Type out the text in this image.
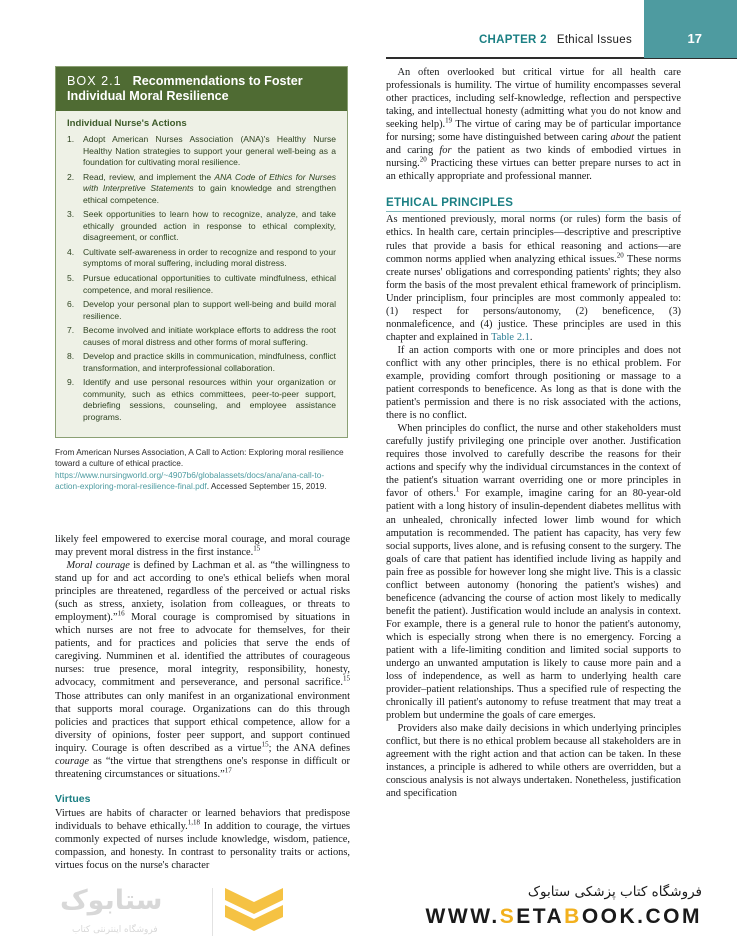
CHAPTER 2 Ethical Issues	17
BOX 2.1 Recommendations to Foster Individual Moral Resilience
Individual Nurse's Actions
Adopt American Nurses Association (ANA)'s Healthy Nurse Healthy Nation strategies to support your general well-being as a foundation for cultivating moral resilience.
Read, review, and implement the ANA Code of Ethics for Nurses with Interpretive Statements to gain knowledge and strengthen ethical competence.
Seek opportunities to learn how to recognize, analyze, and take ethically grounded action in response to ethical complexity, disagreement, or conflict.
Cultivate self-awareness in order to recognize and respond to your symptoms of moral suffering, including moral distress.
Pursue educational opportunities to cultivate mindfulness, ethical competence, and moral resilience.
Develop your personal plan to support well-being and build moral resilience.
Become involved and initiate workplace efforts to address the root causes of moral distress and other forms of moral suffering.
Develop and practice skills in communication, mindfulness, conflict transformation, and interprofessional collaboration.
Identify and use personal resources within your organization or community, such as ethics committees, peer-to-peer support, debriefing sessions, counseling, and employee assistance programs.
From American Nurses Association, A Call to Action: Exploring moral resilience toward a culture of ethical practice. https://www.nursingworld.org/~4907b6/globalassets/docs/ana/ana-call-to-action-exploring-moral-resilience-final.pdf. Accessed September 15, 2019.

likely feel empowered to exercise moral courage, and moral courage may prevent moral distress in the first instance.$^{15}$

Moral courage is defined by Lachman et al. as “the willingness to stand up for and act according to one's ethical beliefs when moral principles are threatened, regardless of the perceived or actual risks (such as stress, anxiety, isolation from colleagues, or threats to employment).”$^{16}$ Moral courage is compromised by situations in which nurses are not free to advocate for themselves, for their patients, and for practices and policies that serve the ends of caregiving. Numminen et al. identified the attributes of courageous nurses: true presence, moral integrity, responsibility, honesty, advocacy, commitment and perseverance, and personal sacrifice.$^{15}$ Those attributes can only manifest in an organizational environment that supports moral courage. Organizations can do this through policies and practices that support ethical competence, allow for a diversity of opinions, foster peer support, and support continued inquiry. Courage is often described as a virtue$^{15}$; the ANA defines courage as “the virtue that strengthens one's response in difficult or threatening circumstances or situations.”$^{17}$

Virtues

Virtues are habits of character or learned behaviors that predispose individuals to behave ethically.$^{1,18}$ In addition to courage, the virtues commonly expected of nurses include knowledge, wisdom, patience, compassion, and honesty. In contrast to personality traits or actions, virtues focus on the nurse's character

An often overlooked but critical virtue for all health care professionals is humility. The virtue of humility encompasses several other practices, including self-knowledge, reflection and perspective taking, and intellectual honesty (admitting what you do not know and seeking help).$^{19}$ The virtue of caring may be of particular importance for nursing; some have distinguished between caring about the patient and caring for the patient as two kinds of embodied virtues in nursing.$^{20}$ Practicing these virtues can better prepare nurses to act in an ethically appropriate and professional manner.

ETHICAL PRINCIPLES

As mentioned previously, moral norms (or rules) form the basis of ethics. In health care, certain principles—descriptive and prescriptive rules that provide a basis for ethical reasoning and actions—are common norms applied when analyzing ethical issues.$^{20}$ These norms create nurses' obligations and corresponding patients' rights; they also form the basis of the most prevalent ethical framework of principlism. Under principlism, four principles are most commonly appealed to: (1) respect for persons/autonomy, (2) beneficence, (3) nonmaleficence, and (4) justice. These principles are used in this chapter and explained in Table 2.1.

If an action comports with one or more principles and does not conflict with any other principles, there is no ethical problem. For example, providing comfort through positioning or massage to a patient corresponds to beneficence. As long as that is done with the patient's permission and there is no risk associated with the actions, there is no conflict.

When principles do conflict, the nurse and other stakeholders must carefully justify privileging one principle over another. Justification requires those involved to carefully describe the reasons for their actions and specify why the individual circumstances in the context of the patient's situation warrant overriding one or more principles in favor of others.$^1$ For example, imagine caring for an 80-year-old patient with a long history of insulin-dependent diabetes mellitus with an unhealed, chronically infected lower limb wound for which amputation is recommended. The patient has capacity, has very few social supports, lives alone, and is refusing consent to the surgery. The goals of care that patient has identified include living as happily and pain free as possible for however long she might live. This is a classic conflict between autonomy (honoring the patient's wishes) and beneficence (advancing the course of action most likely to medically benefit the patient). Justification would include an analysis in context. For example, there is a general rule to honor the patient's autonomy, which is especially strong when there is no emergency. Forcing a patient with a life-limiting condition and limited social supports to undergo an unwanted amputation is likely to cause more pain and a loss of independence, as well as harm to underlying health care provider–patient relationships. Thus a specified rule of respecting the chronically ill patient's autonomy to refuse treatment that may treat a problem but undermine the goals of care emerges.

Providers also make daily decisions in which underlying principles conflict, but there is no ethical problem because all stakeholders are in agreement with the right action and that action can be taken. In these instances, a principle is adhered to while others are overridden, but a conscious analysis is not always undertaken. Nonetheless, justification and specification

ستابوک
فروشگاه اینترنتی کتاب
فروشگاه کتاب پزشکی ستابوک
WWW.SETABOOK.COM
